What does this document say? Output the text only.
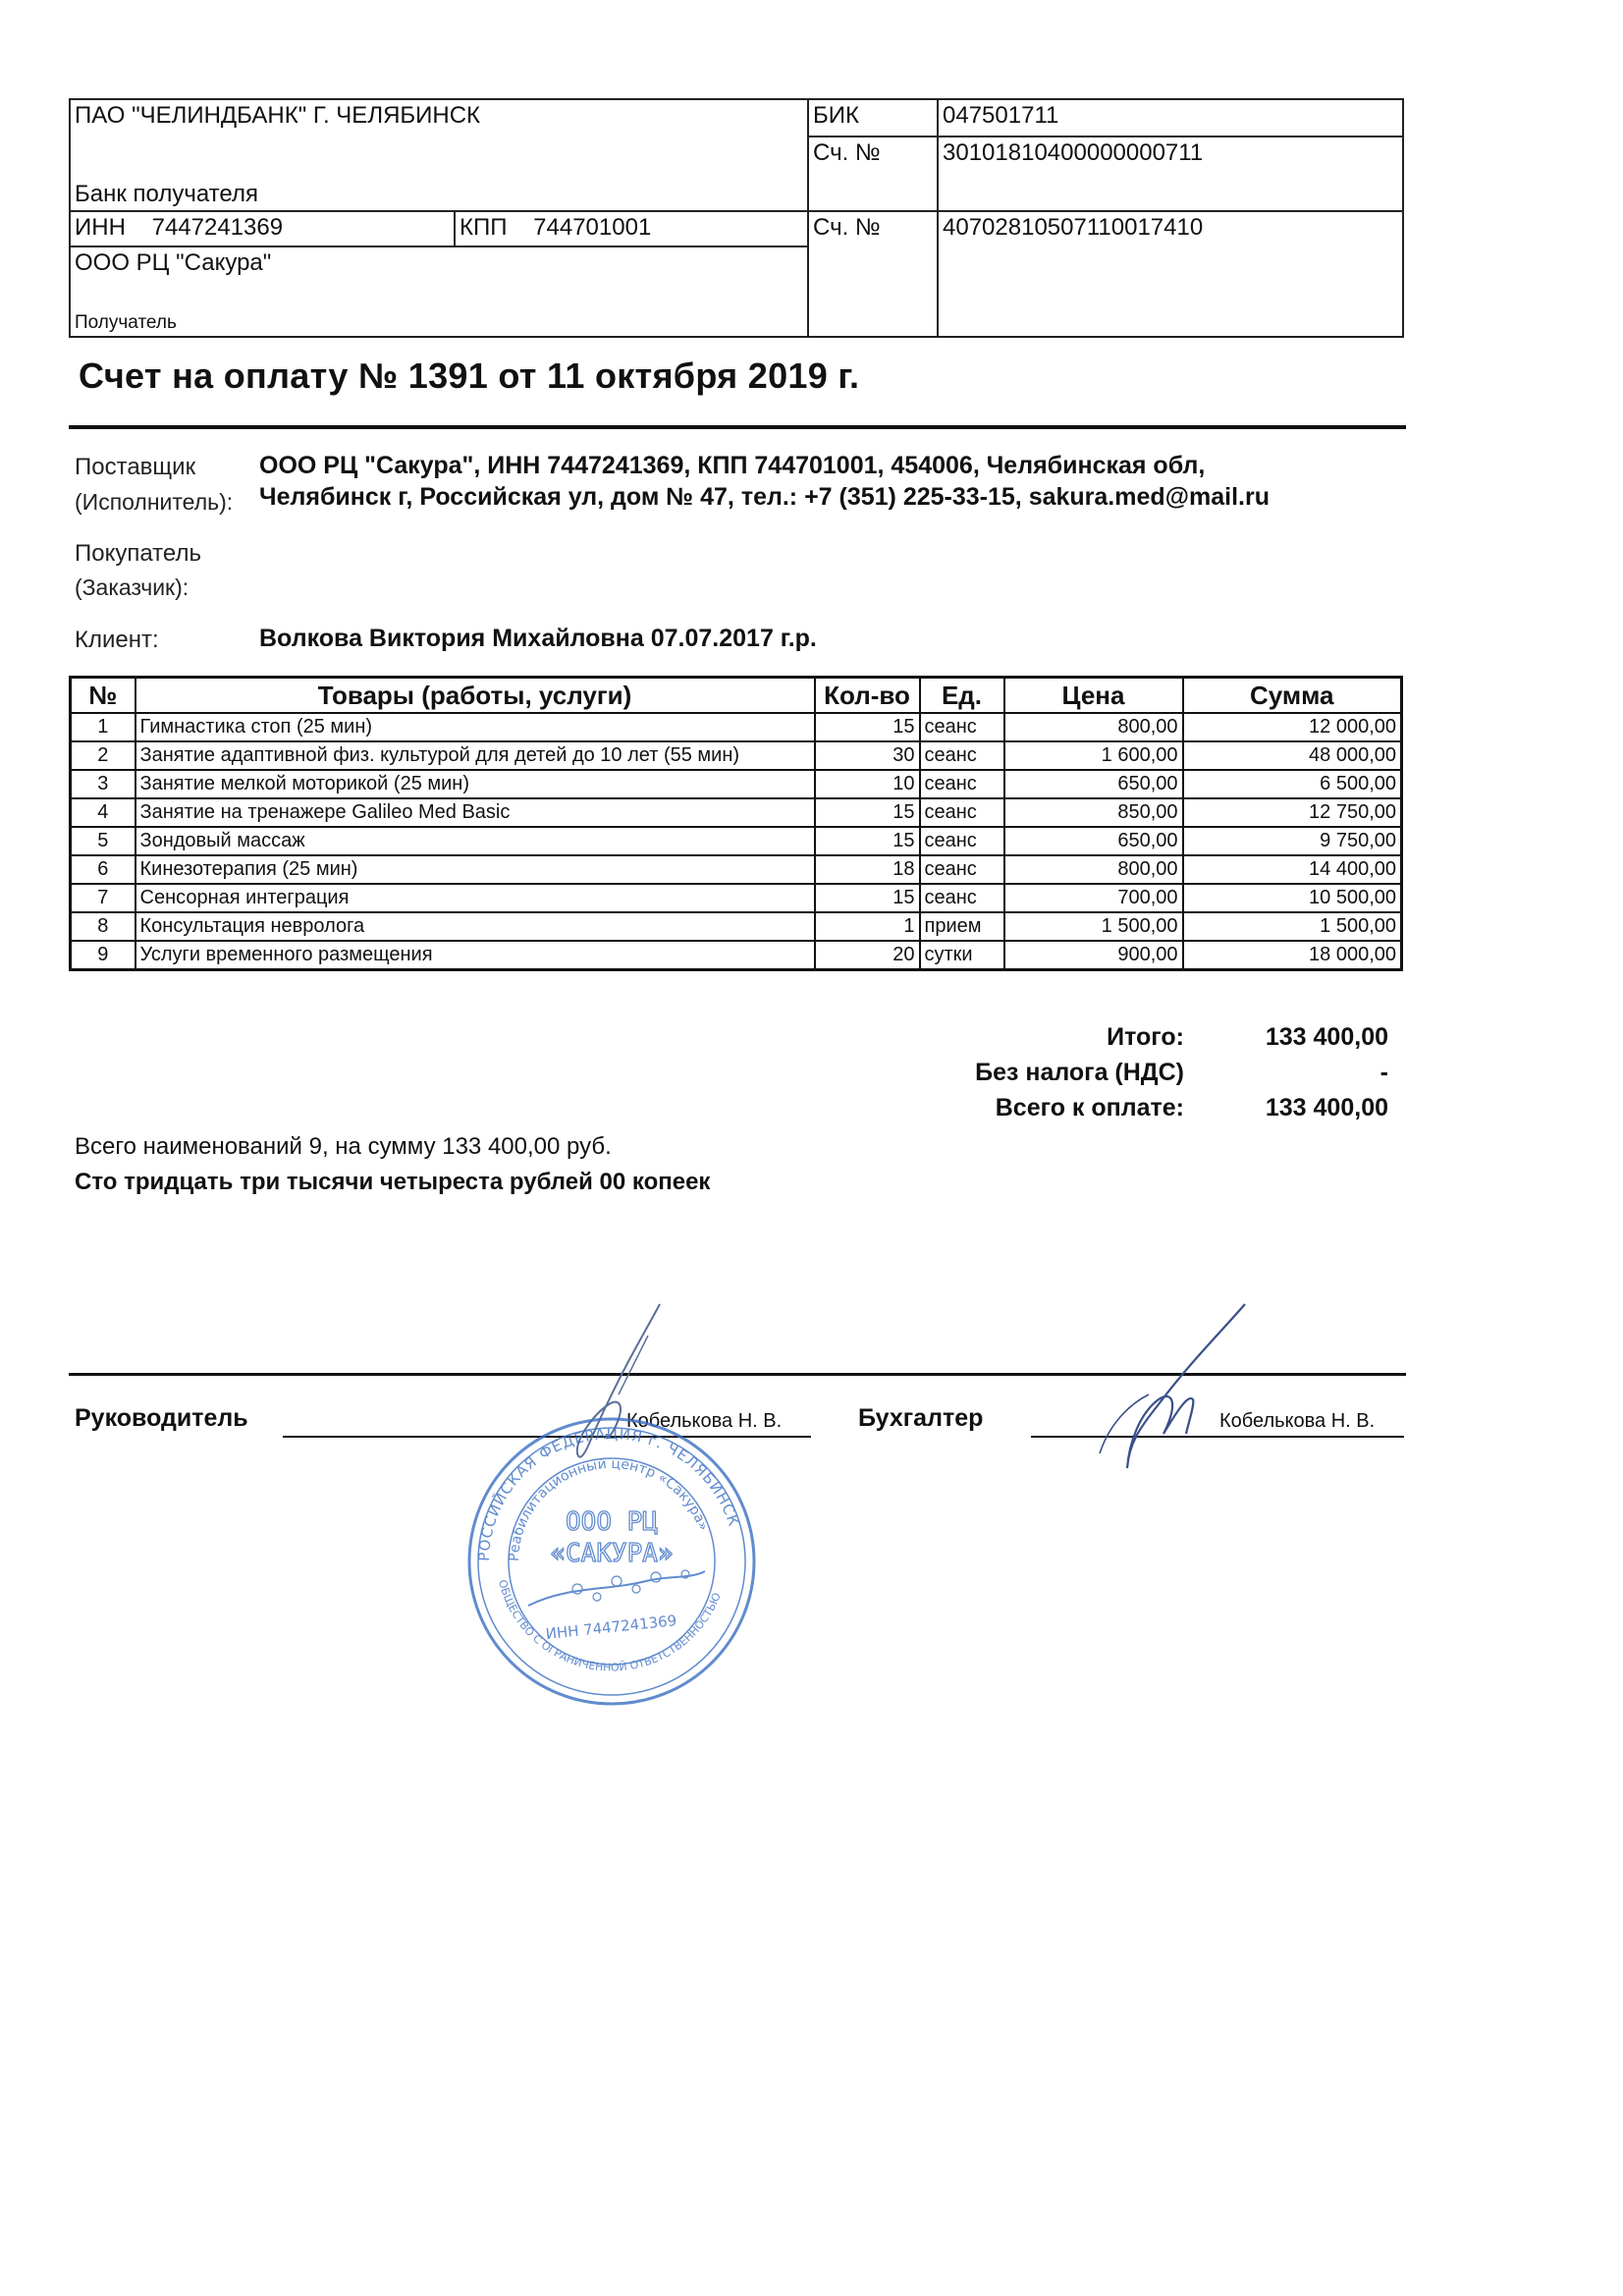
ПАО "ЧЕЛИНДБАНК" Г. ЧЕЛЯБИНСК		БИК	047501711
		Сч. №	30101810400000000711
Банк получателя			
ИНН 7447241369	КПП 744701001	Сч. №	40702810507110017410

ООО РЦ "Сакура"
Получатель			
Счет на оплату № 1391 от 11 октября 2019 г.
Поставщик
(Исполнитель):
ООО РЦ "Сакура", ИНН 7447241369, КПП 744701001, 454006, Челябинская обл,
Челябинск г, Российская ул, дом № 47, тел.: +7 (351) 225-33-15, sakura.med@mail.ru
Покупатель
(Заказчик):
Клиент:	Волкова Виктория Михайловна 07.07.2017 г.р.
№	Товары (работы, услуги)	Кол-во	Ед.	Цена	Сумма
1	Гимнастика стоп (25 мин)	15	сеанс	800,00	12 000,00
2	Занятие адаптивной физ. культурой для детей до 10 лет (55 мин)	30	сеанс	1 600,00	48 000,00
3	Занятие мелкой моторикой (25 мин)	10	сеанс	650,00	6 500,00
4	Занятие на тренажере Galileo Med Basic	15	сеанс	850,00	12 750,00
5	Зондовый массаж	15	сеанс	650,00	9 750,00
6	Кинезотерапия (25 мин)	18	сеанс	800,00	14 400,00
7	Сенсорная интеграция	15	сеанс	700,00	10 500,00
8	Консультация невролога	1	прием	1 500,00	1 500,00
9	Услуги временного размещения	20	сутки	900,00	18 000,00
Итого:	133 400,00
Без налога (НДС)	-
Всего к оплате:	133 400,00
Всего наименований 9, на сумму 133 400,00 руб.
Сто тридцать три тысячи четыреста рублей 00 копеек
Руководитель	Кобелькова Н. В.	Бухгалтер	Кобелькова Н. В.
РОССИЙСКАЯ ФЕДЕРАЦИЯ г. ЧЕЛЯБИНСК
Реабилитационный центр «Сакура»
ОБЩЕСТВО С ОГРАНИЧЕННОЙ ОТВЕТСТВЕННОСТЬЮ
ООО РЦ
«САКУРА»
ИНН 7447241369
